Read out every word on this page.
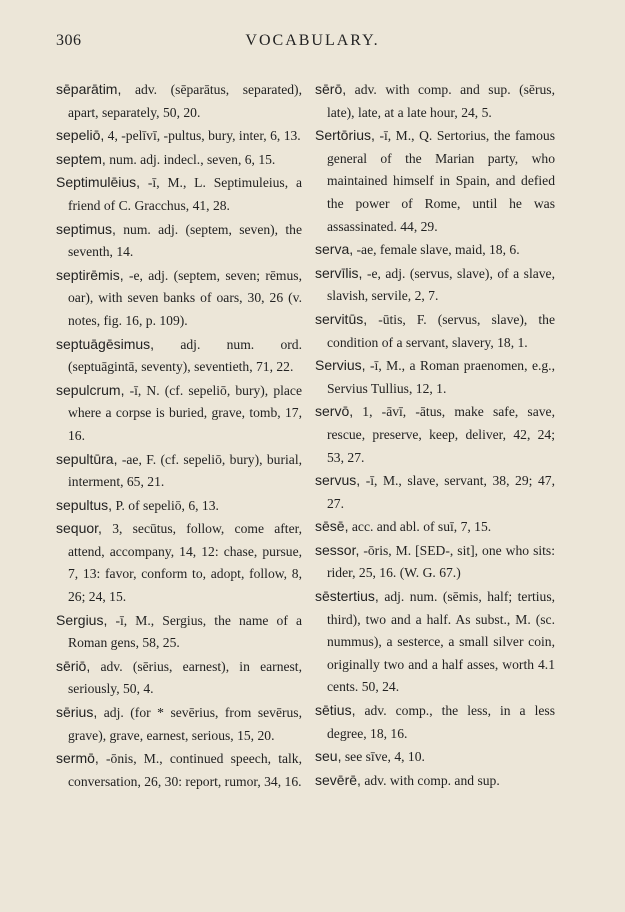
306	VOCABULARY.
sēparātim, adv. (sēparātus, separated), apart, separately, 50, 20.
sepeliō, 4, -pelīvī, -pultus, bury, inter, 6, 13.
septem, num. adj. indecl., seven, 6, 15.
Septimulēius, -ī, M., L. Septimuleius, a friend of C. Gracchus, 41, 28.
septimus, num. adj. (septem, seven), the seventh, 14.
septirēmis, -e, adj. (septem, seven; rēmus, oar), with seven banks of oars, 30, 26 (v. notes, fig. 16, p. 109).
septuāgēsimus, adj. num. ord. (septuāgintā, seventy), seventieth, 71, 22.
sepulcrum, -ī, N. (cf. sepeliō, bury), place where a corpse is buried, grave, tomb, 17, 16.
sepultūra, -ae, F. (cf. sepeliō, bury), burial, interment, 65, 21.
sepultus, P. of sepeliō, 6, 13.
sequor, 3, secūtus, follow, come after, attend, accompany, 14, 12: chase, pursue, 7, 13: favor, conform to, adopt, follow, 8, 26; 24, 15.
Sergius, -ī, M., Sergius, the name of a Roman gens, 58, 25.
sēriō, adv. (sērius, earnest), in earnest, seriously, 50, 4.
sērius, adj. (for * sevērius, from sevērus, grave), grave, earnest, serious, 15, 20.
sermō, -ōnis, M., continued speech, talk, conversation, 26, 30: report, rumor, 34, 16.
sērō, adv. with comp. and sup. (sērus, late), late, at a late hour, 24, 5.
Sertōrius, -ī, M., Q. Sertorius, the famous general of the Marian party, who maintained himself in Spain, and defied the power of Rome, until he was assassinated. 44, 29.
serva, -ae, female slave, maid, 18, 6.
servīlis, -e, adj. (servus, slave), of a slave, slavish, servile, 2, 7.
servitūs, -ūtis, F. (servus, slave), the condition of a servant, slavery, 18, 1.
Servius, -ī, M., a Roman praenomen, e.g., Servius Tullius, 12, 1.
servō, 1, -āvī, -ātus, make safe, save, rescue, preserve, keep, deliver, 42, 24; 53, 27.
servus, -ī, M., slave, servant, 38, 29; 47, 27.
sēsē, acc. and abl. of suī, 7, 15.
sessor, -ōris, M. [SED-, sit], one who sits: rider, 25, 16. (W. G. 67.)
sēstertius, adj. num. (sēmis, half; tertius, third), two and a half. As subst., M. (sc. nummus), a sesterce, a small silver coin, originally two and a half asses, worth 4.1 cents. 50, 24.
sētius, adv. comp., the less, in a less degree, 18, 16.
seu, see sīve, 4, 10.
sevērē, adv. with comp. and sup.
